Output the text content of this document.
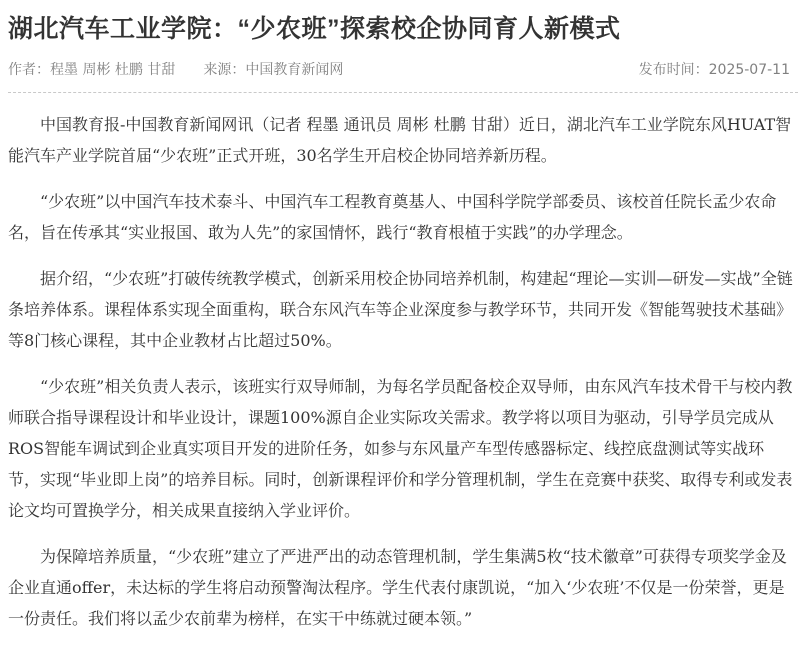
湖北汽车工业学院：“少农班”探索校企协同育人新模式
作者：程墨 周彬 杜鹏 甘甜 来源：中国教育新闻网	发布时间：2025-07-11

中国教育报-中国教育新闻网讯（记者 程墨 通讯员 周彬 杜鹏 甘甜）近日，湖北汽车工业学院东风HUAT智能汽车产业学院首届“少农班”正式开班，30名学生开启校企协同培养新历程。

“少农班”以中国汽车技术泰斗、中国汽车工程教育奠基人、中国科学院学部委员、该校首任院长孟少农命名，旨在传承其“实业报国、敢为人先”的家国情怀，践行“教育根植于实践”的办学理念。

据介绍，“少农班”打破传统教学模式，创新采用校企协同培养机制，构建起“理论—实训—研发—实战”全链条培养体系。课程体系实现全面重构，联合东风汽车等企业深度参与教学环节，共同开发《智能驾驶技术基础》等8门核心课程，其中企业教材占比超过50%。

“少农班”相关负责人表示，该班实行双导师制，为每名学员配备校企双导师，由东风汽车技术骨干与校内教师联合指导课程设计和毕业设计，课题100%源自企业实际攻关需求。教学将以项目为驱动，引导学员完成从ROS智能车调试到企业真实项目开发的进阶任务，如参与东风量产车型传感器标定、线控底盘测试等实战环节，实现“毕业即上岗”的培养目标。同时，创新课程评价和学分管理机制，学生在竞赛中获奖、取得专利或发表论文均可置换学分，相关成果直接纳入学业评价。

为保障培养质量，“少农班”建立了严进严出的动态管理机制，学生集满5枚“技术徽章”可获得专项奖学金及企业直通offer，未达标的学生将启动预警淘汰程序。学生代表付康凯说，“加入‘少农班’不仅是一份荣誉，更是一份责任。我们将以孟少农前辈为榜样，在实干中练就过硬本领。”
